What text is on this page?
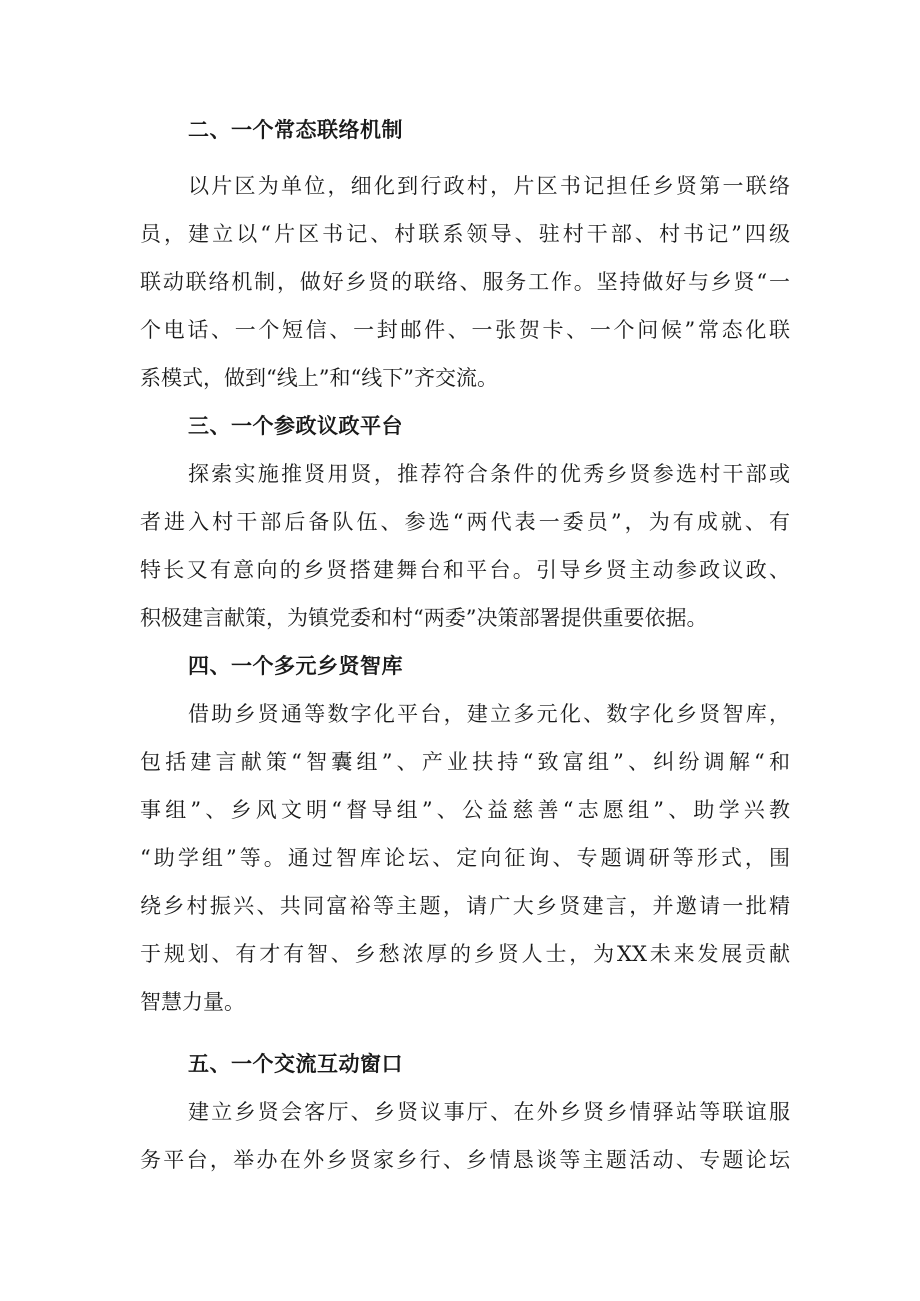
二、一个常态联络机制

以片区为单位，细化到行政村，片区书记担任乡贤第一联络

员，建立以“片区书记、村联系领导、驻村干部、村书记”四级

联动联络机制，做好乡贤的联络、服务工作。坚持做好与乡贤“一

个电话、一个短信、一封邮件、一张贺卡、一个问候”常态化联

系模式，做到“线上”和“线下”齐交流。

三、一个参政议政平台

探索实施推贤用贤，推荐符合条件的优秀乡贤参选村干部或

者进入村干部后备队伍、参选“两代表一委员”，为有成就、有

特长又有意向的乡贤搭建舞台和平台。引导乡贤主动参政议政、

积极建言献策，为镇党委和村“两委”决策部署提供重要依据。

四、一个多元乡贤智库

借助乡贤通等数字化平台，建立多元化、数字化乡贤智库，

包括建言献策“智囊组”、产业扶持“致富组”、纠纷调解“和

事组”、乡风文明“督导组”、公益慈善“志愿组”、助学兴教

“助学组”等。通过智库论坛、定向征询、专题调研等形式，围

绕乡村振兴、共同富裕等主题，请广大乡贤建言，并邀请一批精

于规划、有才有智、乡愁浓厚的乡贤人士，为XX未来发展贡献

智慧力量。

五、一个交流互动窗口

建立乡贤会客厅、乡贤议事厅、在外乡贤乡情驿站等联谊服

务平台，举办在外乡贤家乡行、乡情恳谈等主题活动、专题论坛
